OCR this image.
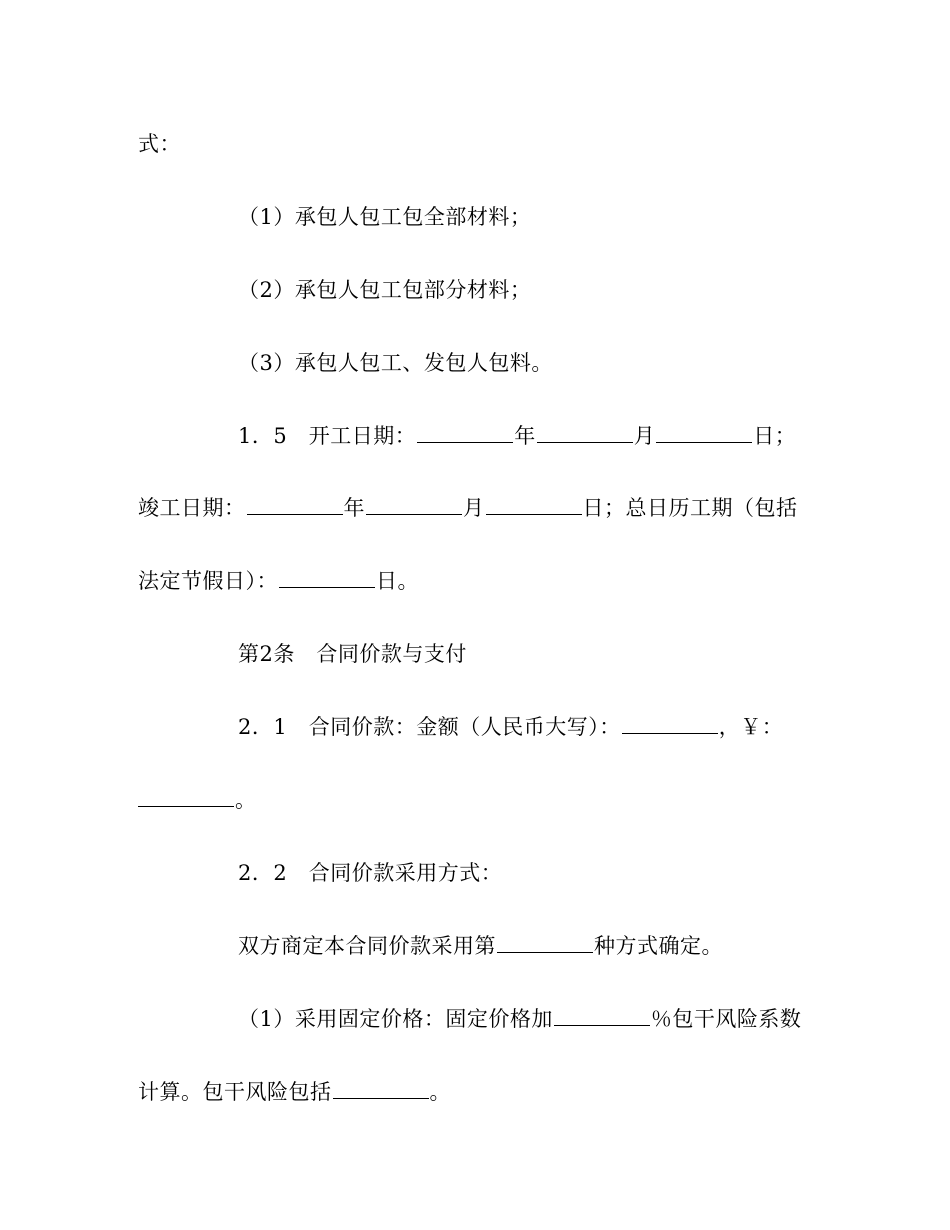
式：
（1）承包人包工包全部材料；
（2）承包人包工包部分材料；
（3）承包人包工、发包人包料。
1．5　开工日期：	年	月	日；
竣工日期：	年	月	日；总日历工期（包括
法定节假日）：	日。
第2条　合同价款与支付
2．1　合同价款：金额（人民币大写）：	，￥：
。
2．2　合同价款采用方式：
双方商定本合同价款采用第	种方式确定。
（1）采用固定价格：固定价格加	％包干风险系数
计算。包干风险包括	。
